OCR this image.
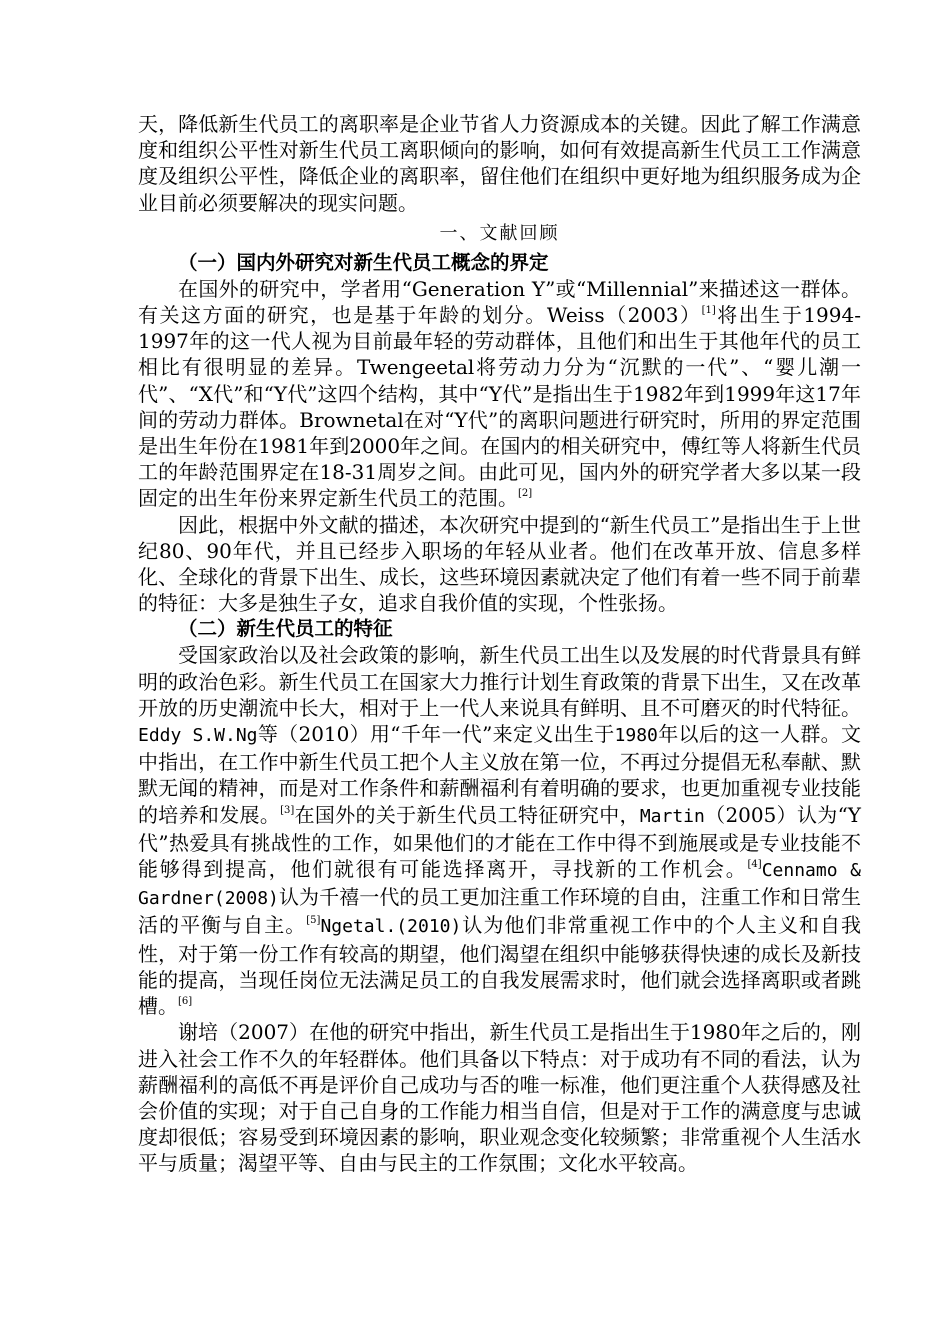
天，降低新生代员工的离职率是企业节省人力资源成本的关键。因此了解工作满意度和组织公平性对新生代员工离职倾向的影响，如何有效提高新生代员工工作满意度及组织公平性，降低企业的离职率，留住他们在组织中更好地为组织服务成为企业目前必须要解决的现实问题。

一、文献回顾

（一）国内外研究对新生代员工概念的界定

在国外的研究中，学者用“Generation Y”或“Millennial”来描述这一群体。有关这方面的研究，也是基于年龄的划分。Weiss（2003）[1]将出生于1994-1997年的这一代人视为目前最年轻的劳动群体，且他们和出生于其他年代的员工相比有很明显的差异。Twengeetal将劳动力分为“沉默的一代”、“婴儿潮一代”、“X代”和“Y代”这四个结构，其中“Y代”是指出生于1982年到1999年这17年间的劳动力群体。Brownetal在对“Y代”的离职问题进行研究时，所用的界定范围是出生年份在1981年到2000年之间。在国内的相关研究中，傅红等人将新生代员工的年龄范围界定在18-31周岁之间。由此可见，国内外的研究学者大多以某一段固定的出生年份来界定新生代员工的范围。[2]

因此，根据中外文献的描述，本次研究中提到的“新生代员工”是指出生于上世纪80、90年代，并且已经步入职场的年轻从业者。他们在改革开放、信息多样化、全球化的背景下出生、成长，这些环境因素就决定了他们有着一些不同于前辈的特征：大多是独生子女，追求自我价值的实现，个性张扬。

（二）新生代员工的特征

受国家政治以及社会政策的影响，新生代员工出生以及发展的时代背景具有鲜明的政治色彩。新生代员工在国家大力推行计划生育政策的背景下出生，又在改革开放的历史潮流中长大，相对于上一代人来说具有鲜明、且不可磨灭的时代特征。Eddy S.W.Ng等（2010）用“千年一代”来定义出生于1980年以后的这一人群。文中指出，在工作中新生代员工把个人主义放在第一位，不再过分提倡无私奉献、默默无闻的精神，而是对工作条件和薪酬福利有着明确的要求，也更加重视专业技能的培养和发展。[3]在国外的关于新生代员工特征研究中，Martin（2005）认为“Y代”热爱具有挑战性的工作，如果他们的才能在工作中得不到施展或是专业技能不能够得到提高，他们就很有可能选择离开，寻找新的工作机会。[4]Cennamo & Gardner(2008)认为千禧一代的员工更加注重工作环境的自由，注重工作和日常生活的平衡与自主。[5]Ngetal.(2010)认为他们非常重视工作中的个人主义和自我性，对于第一份工作有较高的期望，他们渴望在组织中能够获得快速的成长及新技能的提高，当现任岗位无法满足员工的自我发展需求时，他们就会选择离职或者跳槽。[6]

谢培（2007）在他的研究中指出，新生代员工是指出生于1980年之后的，刚进入社会工作不久的年轻群体。他们具备以下特点：对于成功有不同的看法，认为薪酬福利的高低不再是评价自己成功与否的唯一标准，他们更注重个人获得感及社会价值的实现；对于自己自身的工作能力相当自信，但是对于工作的满意度与忠诚度却很低；容易受到环境因素的影响，职业观念变化较频繁；非常重视个人生活水平与质量；渴望平等、自由与民主的工作氛围；文化水平较高。
